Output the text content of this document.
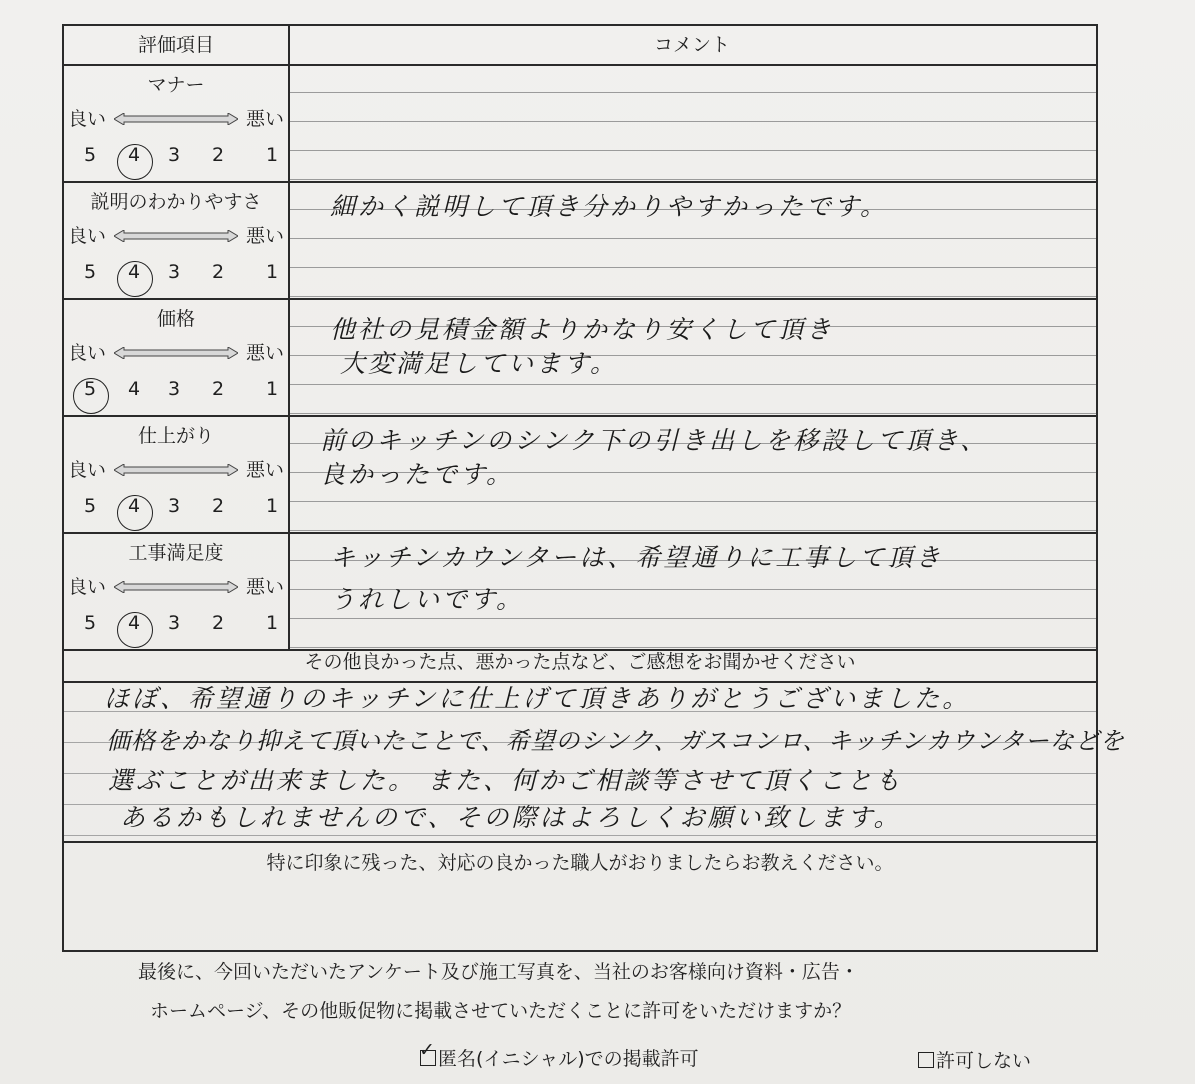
評価項目	コメント
マナー
良い	悪い
5 4 3 2 1
説明のわかりやすさ
良い	悪い
5 4 3 2 1
細かく説明して頂き分かりやすかったです。
価格
良い	悪い
5 4 3 2 1
他社の見積金額よりかなり安くして頂き
大変満足しています。
仕上がり
良い	悪い
5 4 3 2 1
前のキッチンのシンク下の引き出しを移設して頂き、
良かったです。
工事満足度
良い	悪い
5 4 3 2 1
キッチンカウンターは、希望通りに工事して頂き
うれしいです。
その他良かった点、悪かった点など、ご感想をお聞かせください
ほぼ、希望通りのキッチンに仕上げて頂きありがとうございました。
価格をかなり抑えて頂いたことで、希望のシンク、ガスコンロ、キッチンカウンターなどを
選ぶことが出来ました。 また、何かご相談等させて頂くことも
あるかもしれませんので、その際はよろしくお願い致します。
特に印象に残った、対応の良かった職人がおりましたらお教えください。
最後に、今回いただいたアンケート及び施工写真を、当社のお客様向け資料・広告・
ホームページ、その他販促物に掲載させていただくことに許可をいただけますか？
✓ 匿名(イニシャル)での掲載許可	許可しない
